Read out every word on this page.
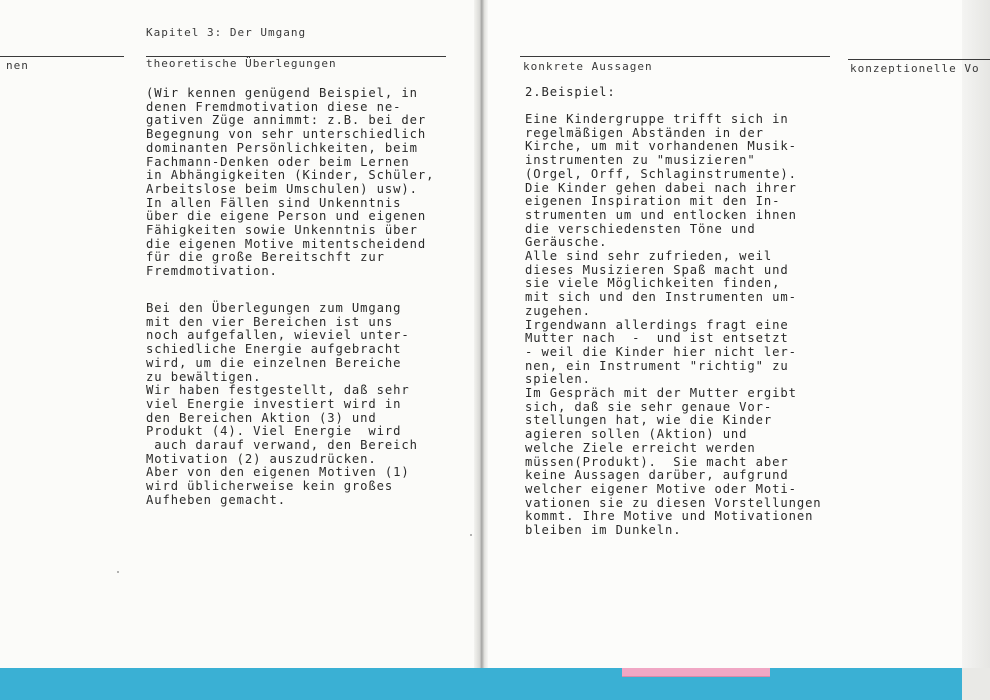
Kapitel 3: Der Umgang
nen	theoretische Überlegungen
(Wir kennen genügend Beispiel, in
denen Fremdmotivation diese ne-
gativen Züge annimmt: z.B. bei der
Begegnung von sehr unterschiedlich
dominanten Persönlichkeiten, beim
Fachmann-Denken oder beim Lernen
in Abhängigkeiten (Kinder, Schüler,
Arbeitslose beim Umschulen) usw).
In allen Fällen sind Unkenntnis
über die eigene Person und eigenen
Fähigkeiten sowie Unkenntnis über
die eigenen Motive mitentscheidend
für die große Bereitschft zur
Fremdmotivation.
Bei den Überlegungen zum Umgang
mit den vier Bereichen ist uns
noch aufgefallen, wieviel unter-
schiedliche Energie aufgebracht
wird, um die einzelnen Bereiche
zu bewältigen.
Wir haben festgestellt, daß sehr
viel Energie investiert wird in
den Bereichen Aktion (3) und
Produkt (4). Viel Energie  wird
auch darauf verwand, den Bereich
Motivation (2) auszudrücken.
Aber von den eigenen Motiven (1)
wird üblicherweise kein großes
Aufheben gemacht.
konkrete Aussagen	konzeptionelle Vo
2.Beispiel:
Eine Kindergruppe trifft sich in
regelmäßigen Abständen in der
Kirche, um mit vorhandenen Musik-
instrumenten zu "musizieren"
(Orgel, Orff, Schlaginstrumente).
Die Kinder gehen dabei nach ihrer
eigenen Inspiration mit den In-
strumenten um und entlocken ihnen
die verschiedensten Töne und
Geräusche.
Alle sind sehr zufrieden, weil
dieses Musizieren Spaß macht und
sie viele Möglichkeiten finden,
mit sich und den Instrumenten um-
zugehen.
Irgendwann allerdings fragt eine
Mutter nach  -  und ist entsetzt
- weil die Kinder hier nicht ler-
nen, ein Instrument "richtig" zu
spielen.
Im Gespräch mit der Mutter ergibt
sich, daß sie sehr genaue Vor-
stellungen hat, wie die Kinder
agieren sollen (Aktion) und
welche Ziele erreicht werden
müssen(Produkt).  Sie macht aber
keine Aussagen darüber, aufgrund
welcher eigener Motive oder Moti-
vationen sie zu diesen Vorstellungen
kommt. Ihre Motive und Motivationen
bleiben im Dunkeln.
